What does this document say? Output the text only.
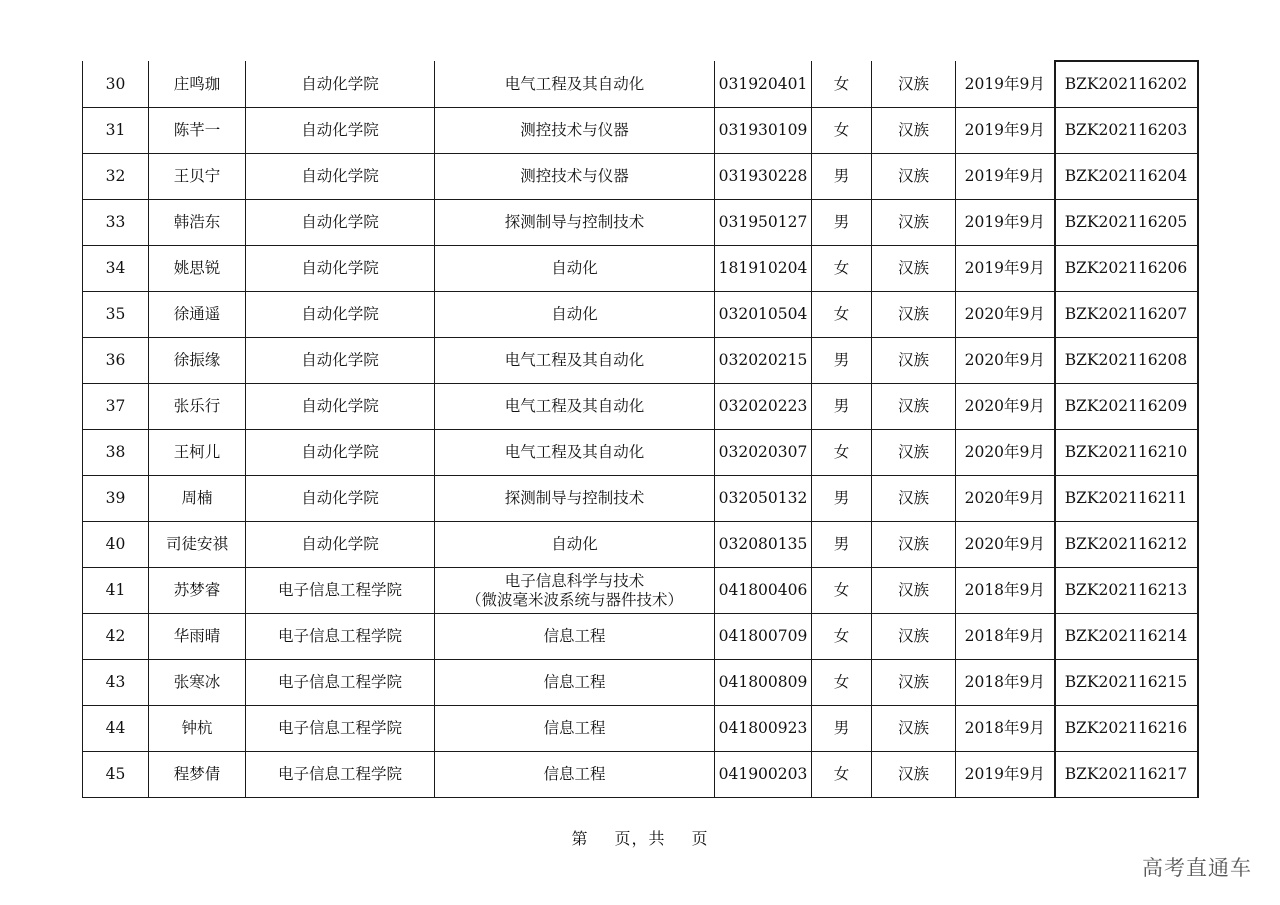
30	庄鸣珈	自动化学院	电气工程及其自动化	031920401	女	汉族	2019年9月	BZK202116202
31	陈芊一	自动化学院	测控技术与仪器	031930109	女	汉族	2019年9月	BZK202116203
32	王贝宁	自动化学院	测控技术与仪器	031930228	男	汉族	2019年9月	BZK202116204
33	韩浩东	自动化学院	探测制导与控制技术	031950127	男	汉族	2019年9月	BZK202116205
34	姚思锐	自动化学院	自动化	181910204	女	汉族	2019年9月	BZK202116206
35	徐通遥	自动化学院	自动化	032010504	女	汉族	2020年9月	BZK202116207
36	徐振缘	自动化学院	电气工程及其自动化	032020215	男	汉族	2020年9月	BZK202116208
37	张乐行	自动化学院	电气工程及其自动化	032020223	男	汉族	2020年9月	BZK202116209
38	王柯儿	自动化学院	电气工程及其自动化	032020307	女	汉族	2020年9月	BZK202116210
39	周楠	自动化学院	探测制导与控制技术	032050132	男	汉族	2020年9月	BZK202116211
40	司徒安祺	自动化学院	自动化	032080135	男	汉族	2020年9月	BZK202116212
41	苏梦睿	电子信息工程学院	电子信息科学与技术
（微波毫米波系统与器件技术）	041800406	女	汉族	2018年9月	BZK202116213
42	华雨晴	电子信息工程学院	信息工程	041800709	女	汉族	2018年9月	BZK202116214
43	张寒冰	电子信息工程学院	信息工程	041800809	女	汉族	2018年9月	BZK202116215
44	钟杭	电子信息工程学院	信息工程	041800923	男	汉族	2018年9月	BZK202116216
45	程梦倩	电子信息工程学院	信息工程	041900203	女	汉族	2019年9月	BZK202116217
第 页，共 页
高考直通车
